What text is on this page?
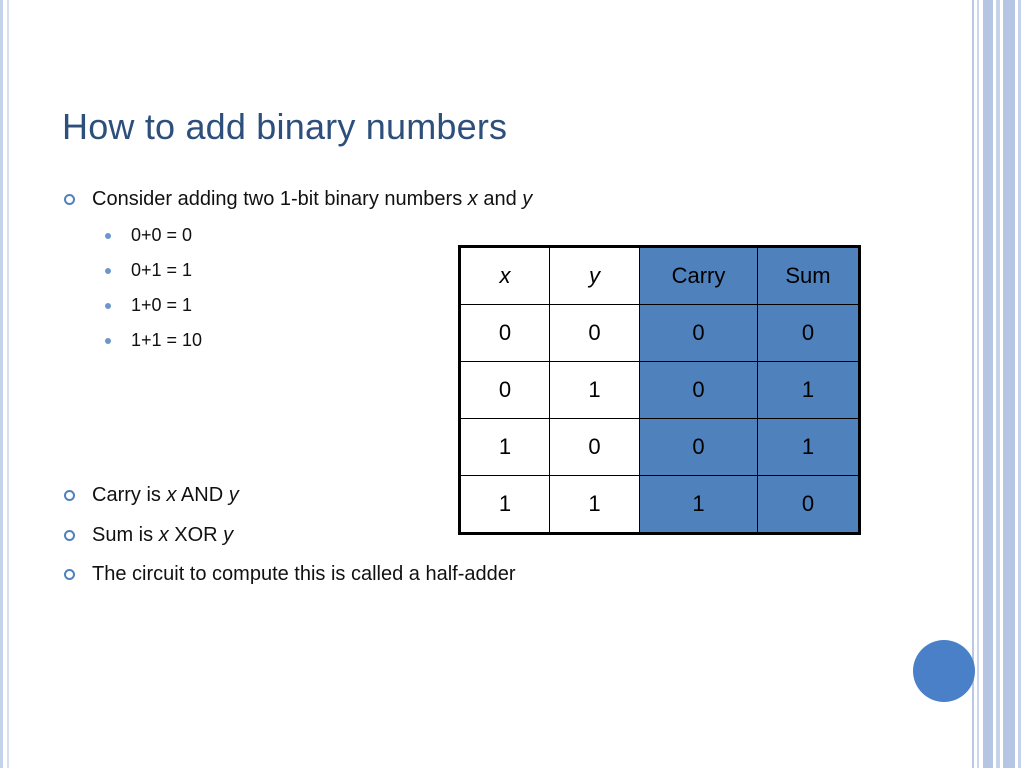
How to add binary numbers
Consider adding two 1-bit binary numbers x and y
0+0 = 0
0+1 = 1
1+0 = 1
1+1 = 10
Carry is x AND y
Sum is x XOR y
The circuit to compute this is called a half-adder
x	y	Carry	Sum
0	0	0	0
0	1	0	1
1	0	0	1
1	1	1	0
